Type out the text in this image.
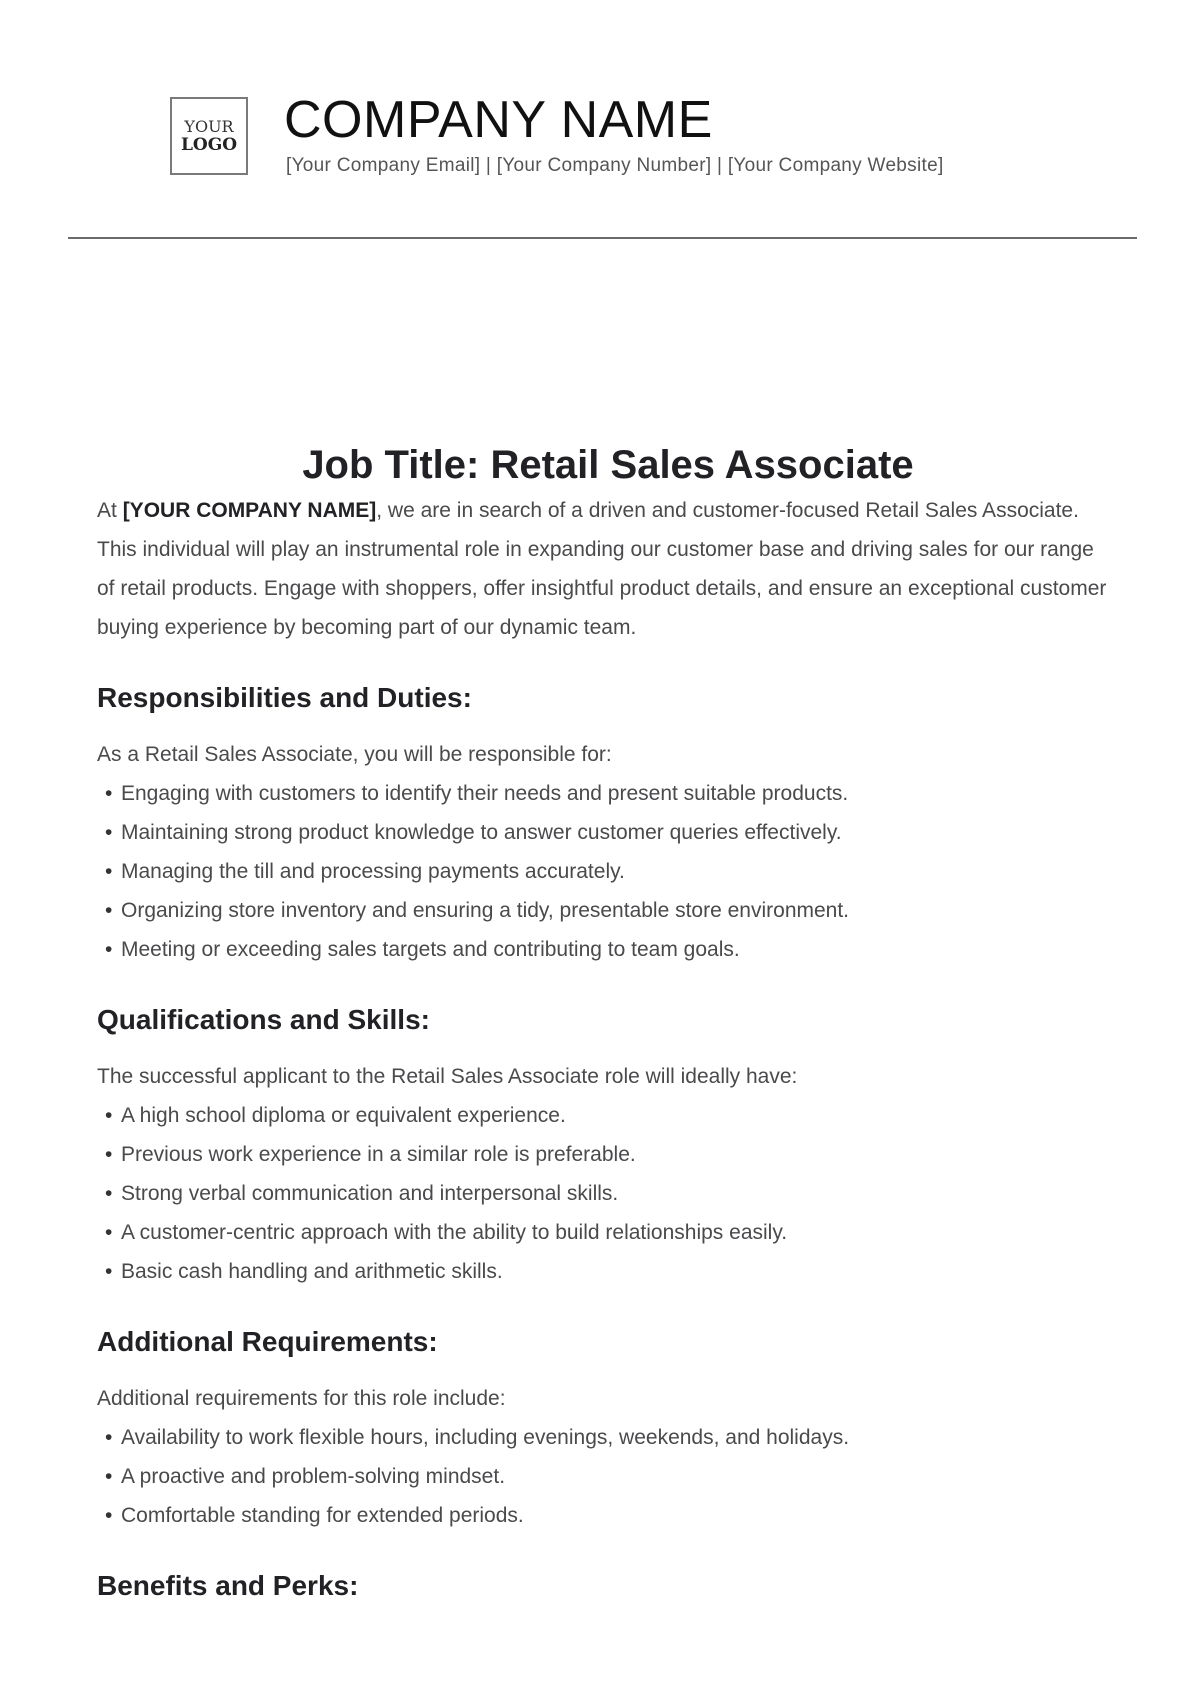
YOUR
LOGO COMPANY NAME
[Your Company Email] | [Your Company Number] | [Your Company Website]
Job Title: Retail Sales Associate

At [YOUR COMPANY NAME], we are in search of a driven and customer-focused Retail Sales Associate. This individual will play an instrumental role in expanding our customer base and driving sales for our range of retail products. Engage with shoppers, offer insightful product details, and ensure an exceptional customer buying experience by becoming part of our dynamic team.

Responsibilities and Duties:

As a Retail Sales Associate, you will be responsible for:

• Engaging with customers to identify their needs and present suitable products.
• Maintaining strong product knowledge to answer customer queries effectively.
• Managing the till and processing payments accurately.
• Organizing store inventory and ensuring a tidy, presentable store environment.
• Meeting or exceeding sales targets and contributing to team goals.
Qualifications and Skills:

The successful applicant to the Retail Sales Associate role will ideally have:

• A high school diploma or equivalent experience.
• Previous work experience in a similar role is preferable.
• Strong verbal communication and interpersonal skills.
• A customer-centric approach with the ability to build relationships easily.
• Basic cash handling and arithmetic skills.
Additional Requirements:

Additional requirements for this role include:

• Availability to work flexible hours, including evenings, weekends, and holidays.
• A proactive and problem-solving mindset.
• Comfortable standing for extended periods.
Benefits and Perks:
